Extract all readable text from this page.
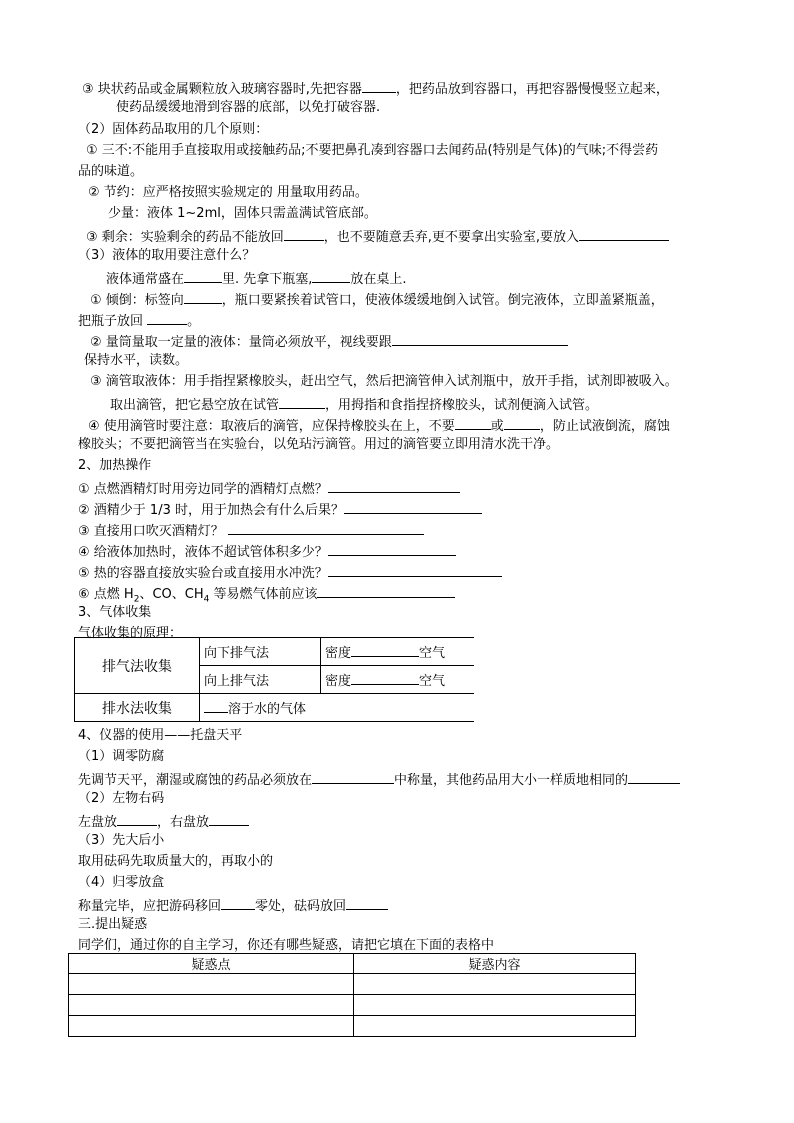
③ 块状药品或金属颗粒放入玻璃容器时,先把容器	，把药品放到容器口，再把容器慢慢竖立起来，
使药品缓缓地滑到容器的底部，以免打破容器.
（2）固体药品取用的几个原则：
① 三不:不能用手直接取用或接触药品;不要把鼻孔凑到容器口去闻药品(特别是气体)的气味;不得尝药
品的味道。
② 节约：应严格按照实验规定的 用量取用药品。
少量：液体 1~2ml，固体只需盖满试管底部。
③ 剩余：实验剩余的药品不能放回	，也不要随意丢弃,更不要拿出实验室,要放入
（3）液体的取用要注意什么？
液体通常盛在	里. 先拿下瓶塞,	放在桌上.
① 倾倒：标签向	，瓶口要紧挨着试管口，使液体缓缓地倒入试管。倒完液体，立即盖紧瓶盖，
把瓶子放回	。
② 量筒量取一定量的液体：量筒必须放平，视线要跟
保持水平，读数。
③ 滴管取液体：用手指捏紧橡胶头，赶出空气，然后把滴管伸入试剂瓶中，放开手指，试剂即被吸入。
取出滴管，把它悬空放在试管	，用拇指和食指捏挤橡胶头，试剂便滴入试管。
④ 使用滴管时要注意：取液后的滴管，应保持橡胶头在上，不要	或	，防止试液倒流，腐蚀
橡胶头；不要把滴管当在实验台，以免玷污滴管。用过的滴管要立即用清水洗干净。
2、加热操作
① 点燃酒精灯时用旁边同学的酒精灯点燃？
② 酒精少于 1/3 时，用于加热会有什么后果？
③ 直接用口吹灭酒精灯？
④ 给液体加热时，液体不超试管体积多少？
⑤ 热的容器直接放实验台或直接用水冲洗？
⑥ 点燃 $H_2$、CO、$CH_4$ 等易燃气体前应该
3、气体收集
气体收集的原理：
排气法收集	向下排气法	密度 空气
	向上排气法	密度 空气
排水法收集	溶于水的气体	
4、仪器的使用——托盘天平
（1）调零防腐
先调节天平，潮湿或腐蚀的药品必须放在	中称量，其他药品用大小一样质地相同的
（2）左物右码
左盘放	，右盘放
（3）先大后小
取用砝码先取质量大的，再取小的
（4）归零放盒
称量完毕，应把游码移回	零处，砝码放回
三.提出疑惑
同学们，通过你的自主学习，你还有哪些疑惑，请把它填在下面的表格中
疑惑点	疑惑内容
